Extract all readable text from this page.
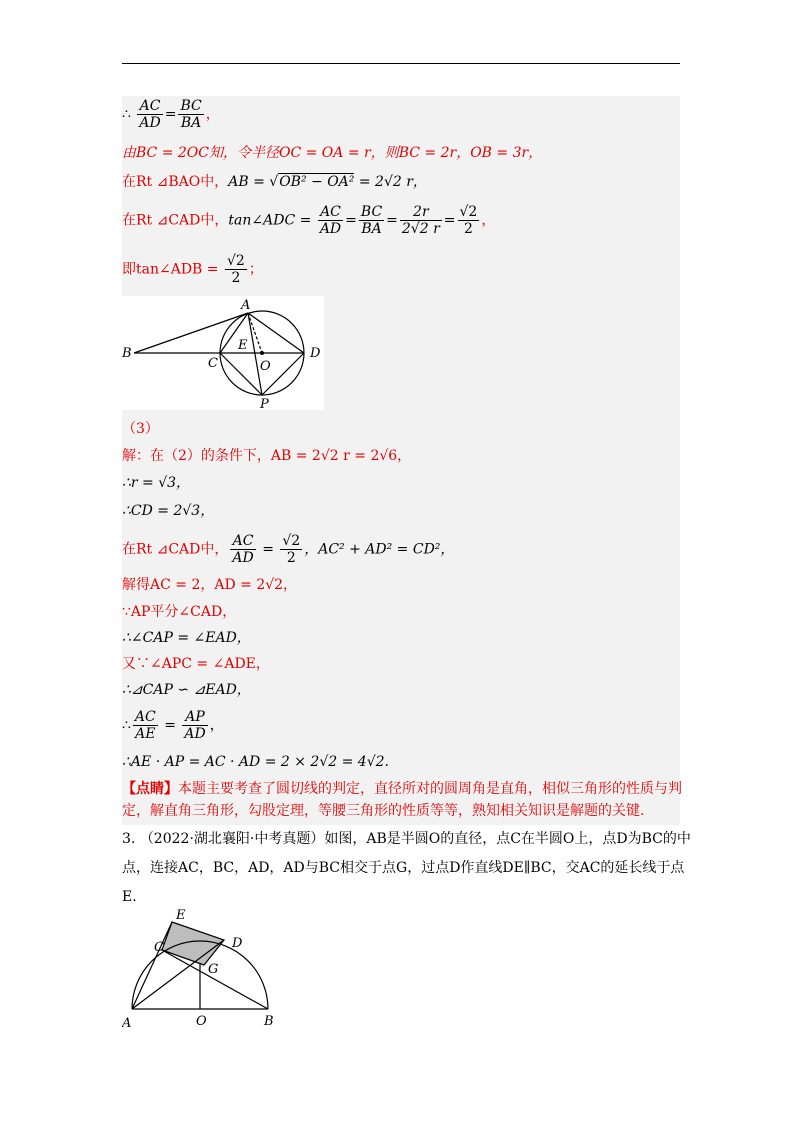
∴ $\frac{AC}{AD} = \frac{BC}{BA}$ ，
由BC = 2OC知，令半径OC = OA = r，则BC = 2r，OB = 3r，
在Rt ⊿BAO中，AB = √OB² − OA² = 2√2 r，
在Rt ⊿CAD中，tan∠ADC = $\frac{AC}{AD} = \frac{BC}{BA} = \frac{2r}{2√2 r} = \frac{√2}{2}$ ，
即tan∠ADB = $\frac{√2}{2}$ ；
A
B
C
D
E
O
P
（3）
解：在（2）的条件下，AB = 2√2 r = 2√6，
∴r = √3，
∴CD = 2√3，
在Rt ⊿CAD中， $\frac{AC}{AD} = \frac{√2}{2}$ ，AC² + AD² = CD²，
解得AC = 2，AD = 2√2，
∵AP平分∠CAD，
∴∠CAP = ∠EAD，
又∵∠APC = ∠ADE，
∴⊿CAP ∽ ⊿EAD，
∴ $\frac{AC}{AE} = \frac{AP}{AD}$ ，
∴AE · AP = AC · AD = 2 × 2√2 = 4√2.
【点睛】本题主要考查了圆切线的判定，直径所对的圆周角是直角，相似三角形的性质与判定，解直角三角形，勾股定理，等腰三角形的性质等等，熟知相关知识是解题的关键.
3. （2022·湖北襄阳·中考真题）如图，AB是半圆O的直径，点C在半圆O上，点D为BC的中点，连接AC，BC，AD，AD与BC相交于点G，过点D作直线DE∥BC，交AC的延长线于点E.
E
C	D
G
A	O	B
